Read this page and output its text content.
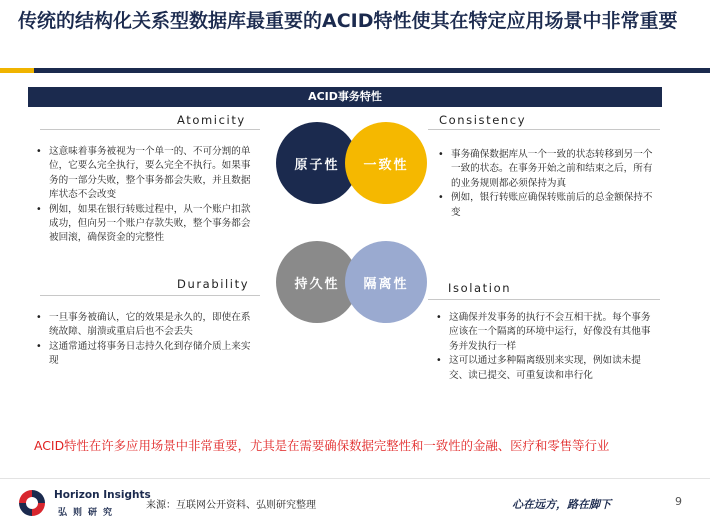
传统的结构化关系型数据库最重要的ACID特性使其在特定应用场景中非常重要
ACID事务特性
Atomicity
• 这意味着事务被视为一个单一的、不可分割的单位，它要么完全执行，要么完全不执行。如果事务的一部分失败，整个事务都会失败，并且数据库状态不会改变
• 例如，如果在银行转账过程中，从一个账户扣款成功，但向另一个账户存款失败，整个事务都会被回滚，确保资金的完整性
Consistency
• 事务确保数据库从一个一致的状态转移到另一个一致的状态。在事务开始之前和结束之后，所有的业务规则都必须保持为真
• 例如，银行转账应确保转账前后的总金额保持不变
Durability
• 一旦事务被确认，它的效果是永久的，即使在系统故障、崩溃或重启后也不会丢失
• 这通常通过将事务日志持久化到存储介质上来实现
Isolation
• 这确保并发事务的执行不会互相干扰。每个事务应该在一个隔离的环境中运行，好像没有其他事务并发执行一样
• 这可以通过多种隔离级别来实现，例如读未提交、读已提交、可重复读和串行化
原子性 一致性
持久性 隔离性
ACID特性在许多应用场景中非常重要，尤其是在需要确保数据完整性和一致性的金融、医疗和零售等行业
Horizon Insights
弘则研究
来源：互联网公开资料、弘则研究整理	心在远方，路在脚下	9
